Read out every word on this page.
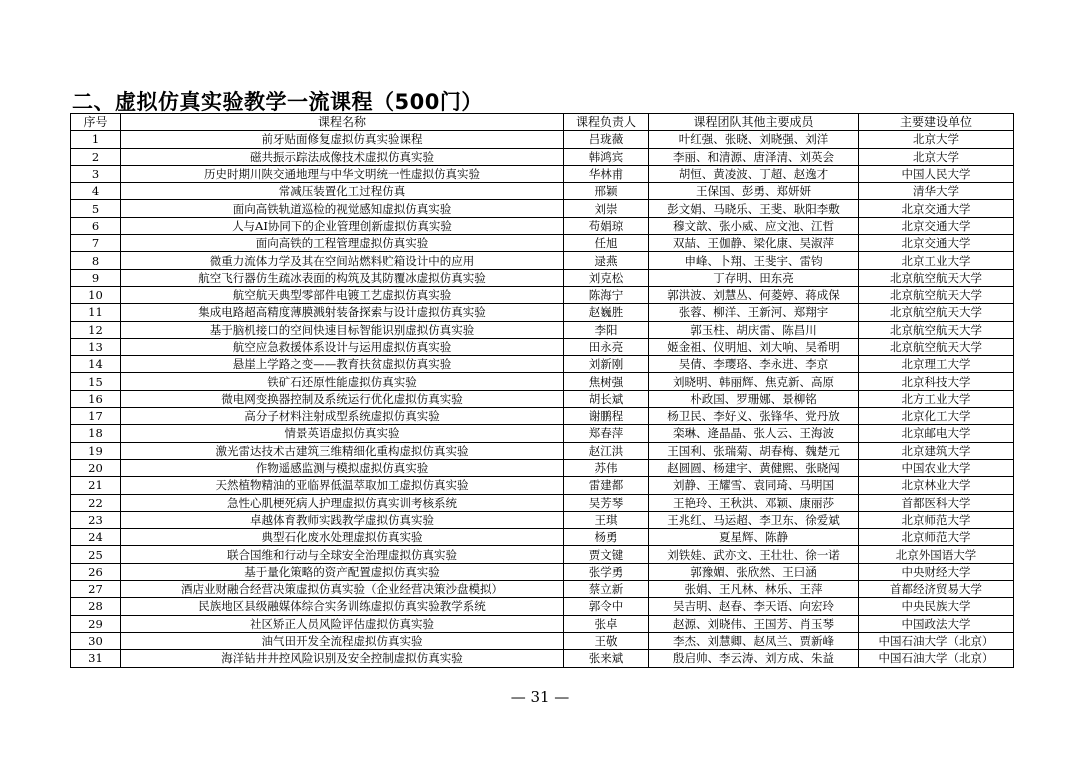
二、虚拟仿真实验教学一流课程（500门）
序号	课程名称	课程负责人	课程团队其他主要成员	主要建设单位
1	前牙贴面修复虚拟仿真实验课程	吕珑薇	叶红强、张晓、刘晓强、刘洋	北京大学
2	磁共振示踪法成像技术虚拟仿真实验	韩鸿宾	李丽、和清源、唐泽清、刘英会	北京大学
3	历史时期川陕交通地理与中华文明统一性虚拟仿真实验	华林甫	胡恒、黄凌波、丁超、赵逸才	中国人民大学
4	常减压装置化工过程仿真	邢颖	王保国、彭勇、郑妍妍	清华大学
5	面向高铁轨道巡检的视觉感知虚拟仿真实验	刘崇	彭文娟、马晓乐、王斐、耿阳李敷	北京交通大学
6	人与AI协同下的企业管理创新虚拟仿真实验	苟娟琼	穆文歆、张小威、应文池、江哲	北京交通大学
7	面向高铁的工程管理虚拟仿真实验	任旭	双喆、王伽静、梁化康、吴淑萍	北京交通大学
8	微重力流体力学及其在空间站燃料贮箱设计中的应用	逯燕	申峰、卜翔、王斐宇、雷钧	北京工业大学
9	航空飞行器仿生疏冰表面的构筑及其防覆冰虚拟仿真实验	刘克松	丁存明、田东亮	北京航空航天大学
10	航空航天典型零部件电镀工艺虚拟仿真实验	陈海宁	郭洪波、刘慧丛、何菱婷、蒋成保	北京航空航天大学
11	集成电路超高精度薄膜溅射装备探索与设计虚拟仿真实验	赵巍胜	张蓉、柳洋、王新河、郑翔宇	北京航空航天大学
12	基于脑机接口的空间快速目标智能识别虚拟仿真实验	李阳	郭玉柱、胡庆雷、陈昌川	北京航空航天大学
13	航空应急救援体系设计与运用虚拟仿真实验	田永亮	姬金祖、仪明旭、刘大响、吴希明	北京航空航天大学
14	悬崖上学路之变——教育扶贫虚拟仿真实验	刘新刚	吴倩、李璎珞、李永进、李京	北京理工大学
15	铁矿石还原性能虚拟仿真实验	焦树强	刘晓明、韩丽辉、焦克新、高原	北京科技大学
16	微电网变换器控制及系统运行优化虚拟仿真实验	胡长斌	朴政国、罗珊娜、景柳铭	北方工业大学
17	高分子材料注射成型系统虚拟仿真实验	谢鹏程	杨卫民、李好义、张锋华、党丹放	北京化工大学
18	情景英语虚拟仿真实验	郑春萍	栾琳、逄晶晶、张人云、王海波	北京邮电大学
19	激光雷达技术古建筑三维精细化重构虚拟仿真实验	赵江洪	王国利、张瑞菊、胡春梅、魏楚元	北京建筑大学
20	作物遥感监测与模拟虚拟仿真实验	苏伟	赵圆圆、杨建宇、黄健熙、张晓闯	中国农业大学
21	天然植物精油的亚临界低温萃取加工虚拟仿真实验	雷建都	刘静、王耀雪、袁同琦、马明国	北京林业大学
22	急性心肌梗死病人护理虚拟仿真实训考核系统	吴芳琴	王艳玲、王秋洪、邓颖、康丽莎	首都医科大学
23	卓越体育教师实践教学虚拟仿真实验	王琪	王兆红、马运超、李卫东、徐爱斌	北京师范大学
24	典型石化废水处理虚拟仿真实验	杨勇	夏星辉、陈静	北京师范大学
25	联合国维和行动与全球安全治理虚拟仿真实验	贾文键	刘铁娃、武亦文、王壮壮、徐一诺	北京外国语大学
26	基于量化策略的资产配置虚拟仿真实验	张学勇	郭豫媚、张欣然、王曰涵	中央财经大学
27	酒店业财融合经营决策虚拟仿真实验（企业经营决策沙盘模拟）	蔡立新	张娟、王凡林、林乐、王萍	首都经济贸易大学
28	民族地区县级融媒体综合实务训练虚拟仿真实验教学系统	郭令中	吴吉明、赵春、李天语、向宏玲	中央民族大学
29	社区矫正人员风险评估虚拟仿真实验	张卓	赵源、刘晓伟、王国芳、肖玉琴	中国政法大学
30	油气田开发全流程虚拟仿真实验	王敬	李杰、刘慧卿、赵凤兰、贾新峰	中国石油大学（北京）
31	海洋钻井井控风险识别及安全控制虚拟仿真实验	张来斌	殷启帅、李云涛、刘方成、朱益	中国石油大学（北京）
— 31 —
